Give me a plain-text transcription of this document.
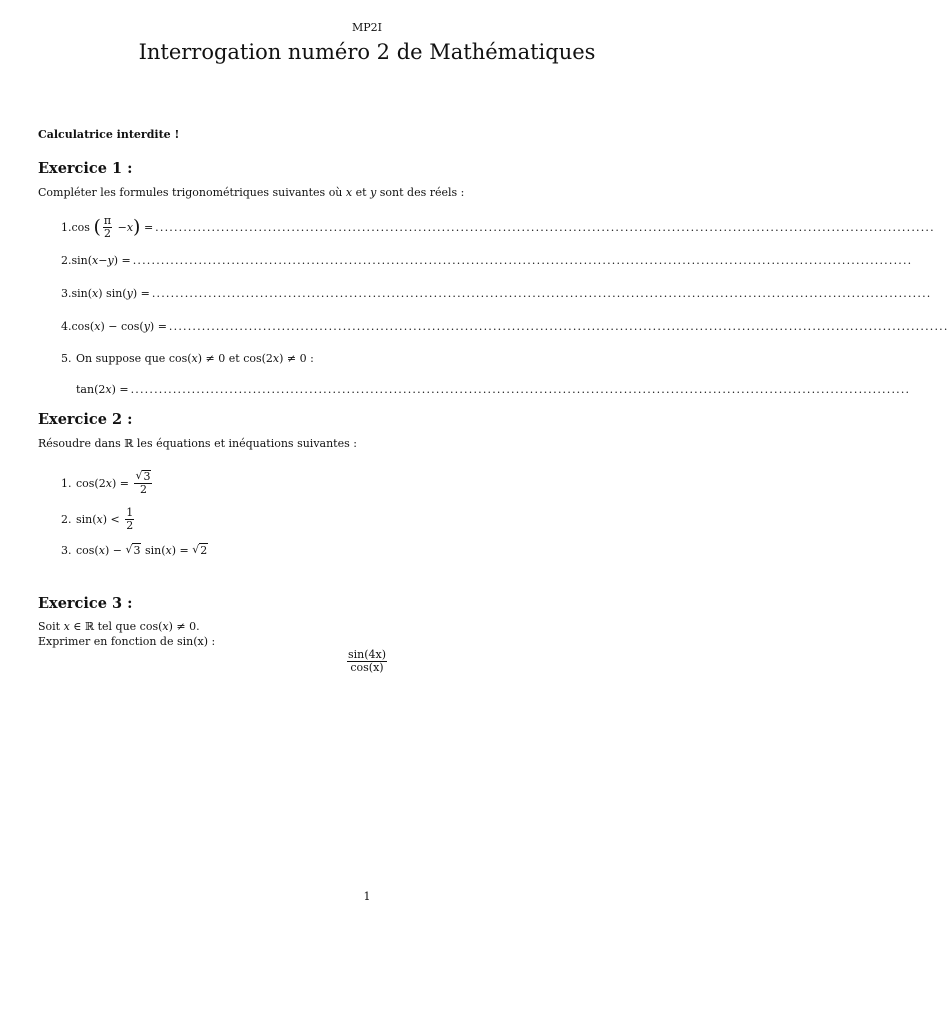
MP2I
Interrogation numéro 2 de Mathématiques
Calculatrice interdite !
Exercice 1 :
Compléter les formules trigonométriques suivantes où x et y sont des réels :
1. cos ( $\frac{\pi}{2} - x$ ) = ......................................................................................................................................................................
2. sin( x − y ) = ......................................................................................................................................................................
3. sin( x ) sin( y ) = ......................................................................................................................................................................
4. cos( x ) − cos( y ) = ......................................................................................................................................................................
5. On suppose que cos( x ) ≠ 0 et cos(2 x ) ≠ 0 :
tan(2 x ) = ......................................................................................................................................................................
Exercice 2 :
Résoudre dans ℝ les équations et inéquations suivantes :
1. cos(2 x ) = $\frac{√ 3}{2}$
2. sin( x ) < $\frac{1}{2}$
3. cos( x ) − √ 3 sin( x ) = √ 2
Exercice 3 :
Soit x ∈ ℝ tel que cos(x) ≠ 0.
Exprimer en fonction de sin(x) :
$\frac{\sin(4x)}{\cos(x)}$
1
